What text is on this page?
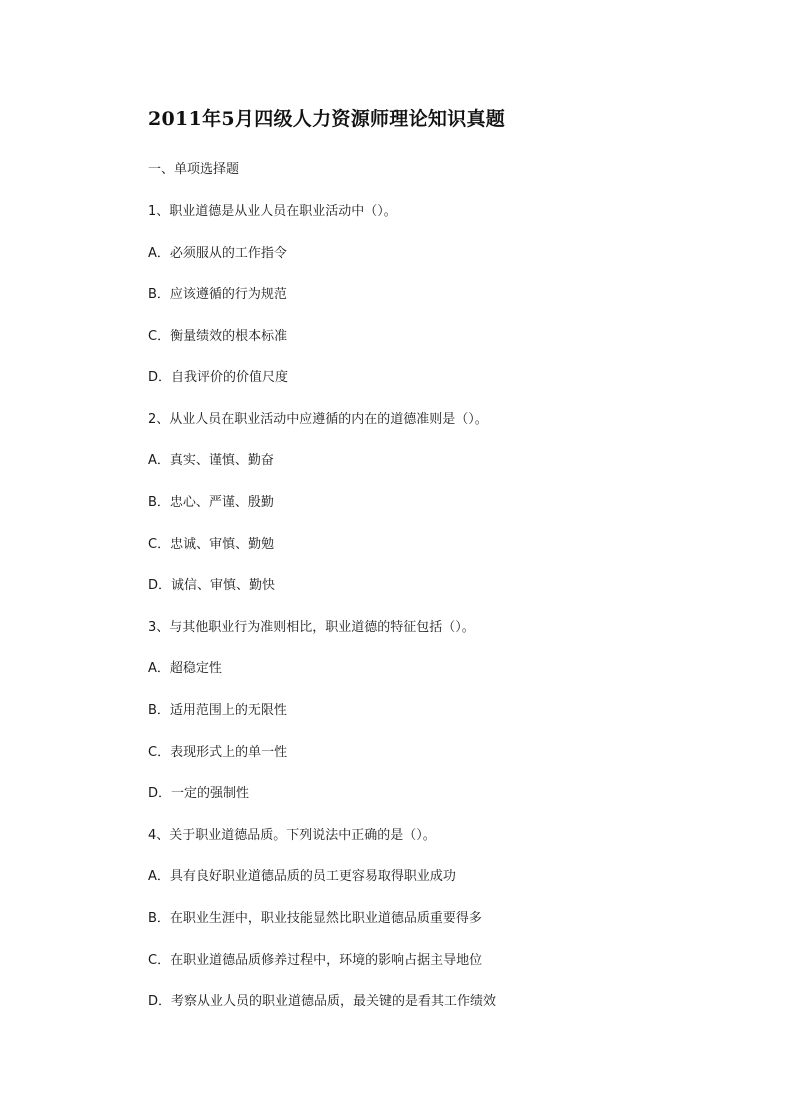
2011年5月四级人力资源师理论知识真题
一、单项选择题
1、职业道德是从业人员在职业活动中（）。
A．必须服从的工作指令
B．应该遵循的行为规范
C．衡量绩效的根本标准
D．自我评价的价值尺度
2、从业人员在职业活动中应遵循的内在的道德准则是（）。
A．真实、谨慎、勤奋
B．忠心、严谨、殷勤
C．忠诚、审慎、勤勉
D．诚信、审慎、勤快
3、与其他职业行为准则相比，职业道德的特征包括（）。
A．超稳定性
B．适用范围上的无限性
C．表现形式上的单一性
D．一定的强制性
4、关于职业道德品质。下列说法中正确的是（）。
A．具有良好职业道德品质的员工更容易取得职业成功
B．在职业生涯中，职业技能显然比职业道德品质重要得多
C．在职业道德品质修养过程中，环境的影响占据主导地位
D．考察从业人员的职业道德品质，最关键的是看其工作绩效
